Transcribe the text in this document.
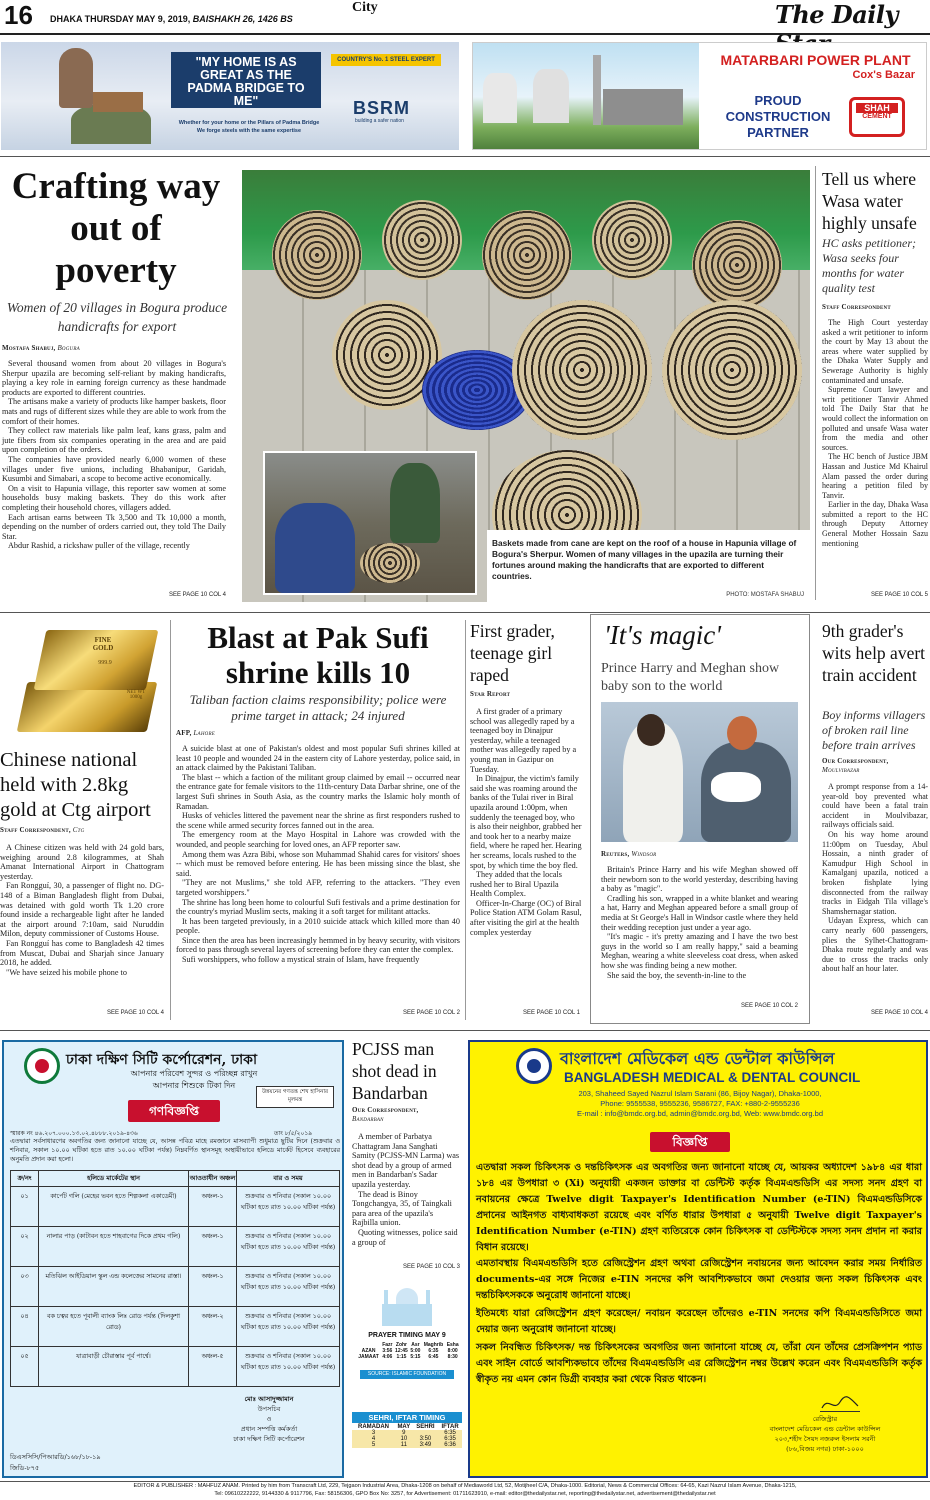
16 DHAKA THURSDAY MAY 9, 2019, BAISHAKH 26, 1426 BS
City	The Daily
"MY HOME IS AS GREAT AS THE PADMA BRIDGE TO ME"
Whether for your home or the Pillars of Padma Bridge
We forge steels with the same expertise
COUNTRY'S No. 1 STEEL EXPERT
BSRM
building a safer nation
MATARBARI POWER PLANT
Cox's Bazar
PROUD
CONSTRUCTION
PARTNER
SHAH
CEMENT
Crafting way out of poverty
Women of 20 villages in Bogura produce handicrafts for export
Mostafa Shabuj, Bogura

Several thousand women from about 20 villages in Bogura's Sherpur upazila are becoming self-reliant by making handicrafts, playing a key role in earning foreign currency as these handmade products are exported to different countries.

The artisans make a variety of products like hamper baskets, floor mats and rugs of different sizes while they are able to work from the comfort of their homes.

They collect raw materials like palm leaf, kans grass, palm and jute fibers from six companies operating in the area and are paid upon completion of the orders.

The companies have provided nearly 6,000 women of these villages under five unions, including Bhabanipur, Garidah, Kusumbi and Simabari, a scope to become active economically.

On a visit to Hapunia village, this reporter saw women at some households busy making baskets. They do this work after completing their household chores, villagers added.

Each artisan earns between Tk 3,500 and Tk 10,000 a month, depending on the number of orders carried out, they told The Daily Star.

Abdur Rashid, a rickshaw puller of the village, recently

SEE PAGE 10 COL 4
Baskets made from cane are kept on the roof of a house in Hapunia village of Bogura's Sherpur. Women of many villages in the upazila are turning their fortunes around making the handicrafts that are exported to different countries.
PHOTO: MOSTAFA SHABUJ
Tell us where Wasa water highly unsafe
HC asks petitioner; Wasa seeks four months for water quality test
Staff Correspondent

The High Court yesterday asked a writ petitioner to inform the court by May 13 about the areas where water supplied by the Dhaka Water Supply and Sewerage Authority is highly contaminated and unsafe.

Supreme Court lawyer and writ petitioner Tanvir Ahmed told The Daily Star that he would collect the information on polluted and unsafe Wasa water from the media and other sources.

The HC bench of Justice JBM Hassan and Justice Md Khairul Alam passed the order during hearing a petition filed by Tanvir.

Earlier in the day, Dhaka Wasa submitted a report to the HC through Deputy Attorney General Mother Hossain Sazu mentioning

SEE PAGE 10 COL 5
FINE GOLD
999.9
NET WT 1000g
Chinese national held with 2.8kg gold at Ctg airport
Staff Correspondent, Ctg

A Chinese citizen was held with 24 gold bars, weighing around 2.8 kilogrammes, at Shah Amanat International Airport in Chattogram yesterday.

Fan Rongguí, 30, a passenger of flight no. DG-148 of a Biman Bangladesh flight from Dubai, was detained with gold worth Tk 1.20 crore found inside a rechargeable light after he landed at the airport around 7:10am, said Nuruddin Milon, deputy commissioner of Customs House.

Fan Rongguí has come to Bangladesh 42 times from Muscat, Dubai and Sharjah since January 2018, he added.

"We have seized his mobile phone to

SEE PAGE 10 COL 4
Blast at Pak Sufi shrine kills 10
Taliban faction claims responsibility; police were prime target in attack; 24 injured
AFP, Lahore

A suicide blast at one of Pakistan's oldest and most popular Sufi shrines killed at least 10 people and wounded 24 in the eastern city of Lahore yesterday, police said, in an attack claimed by the Pakistani Taliban.

The blast -- which a faction of the militant group claimed by email -- occurred near the entrance gate for female visitors to the 11th-century Data Darbar shrine, one of the largest Sufi shrines in South Asia, as the country marks the Islamic holy month of Ramadan.

Husks of vehicles littered the pavement near the shrine as first responders rushed to the scene while armed security forces fanned out in the area.

The emergency room at the Mayo Hospital in Lahore was crowded with the wounded, and people searching for loved ones, an AFP reporter saw.

Among them was Azra Bibi, whose son Muhammad Shahid cares for visitors' shoes -- which must be removed before entering. He has been missing since the blast, she said.

"They are not Muslims," she told AFP, referring to the attackers. "They even targeted worshippers."

The shrine has long been home to colourful Sufi festivals and a prime destination for the country's myriad Muslim sects, making it a soft target for militant attacks.

It has been targeted previously, in a 2010 suicide attack which killed more than 40 people.

Since then the area has been increasingly hemmed in by heavy security, with visitors forced to pass through several layers of screening before they can enter the complex.

Sufi worshippers, who follow a mystical strain of Islam, have frequently

SEE PAGE 10 COL 2
First grader, teenage girl raped
Star Report

A first grader of a primary school was allegedly raped by a teenaged boy in Dinajpur yesterday, while a teenaged mother was allegedly raped by a young man in Gazipur on Tuesday.

In Dinajpur, the victim's family said she was roaming around the banks of the Tulai river in Biral upazila around 1:00pm, when suddenly the teenaged boy, who is also their neighbor, grabbed her and took her to a nearby maize field, where he raped her. Hearing her screams, locals rushed to the spot, by which time the boy fled.

They added that the locals rushed her to Biral Upazila Health Complex.

Officer-In-Charge (OC) of Biral Police Station ATM Golam Rasul, after visiting the girl at the health complex yesterday

SEE PAGE 10 COL 1
'It's magic'
Prince Harry and Meghan show baby son to the world
Reuters, Windsor

Britain's Prince Harry and his wife Meghan showed off their newborn son to the world yesterday, describing having a baby as "magic".

Cradling his son, wrapped in a white blanket and wearing a hat, Harry and Meghan appeared before a small group of media at St George's Hall in Windsor castle where they held their wedding reception just under a year ago.

"It's magic - it's pretty amazing and I have the two best guys in the world so I am really happy," said a beaming Meghan, wearing a white sleeveless coat dress, when asked how she was finding being a new mother.

She said the boy, the seventh-in-line to the

SEE PAGE 10 COL 2
9th grader's wits help avert train accident
Boy informs villagers of broken rail line before train arrives
Our Correspondent,
Moulvibazar

A prompt response from a 14-year-old boy prevented what could have been a fatal train accident in Moulvibazar, railways officials said.

On his way home around 11:00pm on Tuesday, Abul Hossain, a ninth grader of Kamudpur High School in Kamalganj upazila, noticed a broken fishplate lying disconnected from the railway tracks in Eidgah Tila village's Shamshernagar station.

Udayan Express, which can carry nearly 600 passengers, plies the Sylhet-Chattogram-Dhaka route regularly and was due to cross the tracks only about half an hour later.

SEE PAGE 10 COL 4
ঢাকা দক্ষিণ সিটি কর্পোরেশন, ঢাকা
আপনার পরিবেশ সুন্দর ও পরিচ্ছন্ন রাখুন
আপনার শিশুকে টিকা দিন
উন্নয়নের গণতন্ত্র শেখ হাসিনার মূলমন্ত্র
গণবিজ্ঞপ্তি
স্মারক নং ৪৬.২০৭.০০০.১৩.০২.৪৮৮৮.২০১৯-৪৩৬	তাং ৮/৫/২০১৯
এতদ্বারা সর্বসাধারণের অবগতির জন্য জানানো যাচ্ছে যে, আসন্ন পবিত্র মাহে রমজানে মাসব্যাপী শুধুমাত্র ছুটির দিনে (শুক্রবার ও শনিবার, সকাল ১০.০০ ঘটিকা হতে রাত ১০.০০ ঘটিকা পর্যন্ত) নিম্নবর্ণিত স্থানসমূহ অস্থায়ীভাবে হলিডে মার্কেট হিসেবে ব্যবহারের অনুমতি প্রদান করা হলো।
ক্র/নং	হলিডে মার্কেটের স্থান	আওতাধীন অঞ্চল	বার ও সময়
০১	কার্পেট গলি (মেহের ভবন হতে শিল্পকলা একাডেমী)	অঞ্চল-১	শুক্রবার ও শনিবার (সকাল ১০.০০ ঘটিকা হতে রাত ১০.০০ ঘটিকা পর্যন্ত)
০২	নালার পাড় (কাটাবন হতে শাহবাগের দিকে প্রথম গলি)	অঞ্চল-১	শুক্রবার ও শনিবার (সকাল ১০.০০ ঘটিকা হতে রাত ১০.০০ ঘটিকা পর্যন্ত)
০৩	মতিঝিল আইডিয়াল স্কুল এন্ড কলেজের সামনের রাস্তা।	অঞ্চল-১	শুক্রবার ও শনিবার (সকাল ১০.০০ ঘটিকা হতে রাত ১০.০০ ঘটিকা পর্যন্ত)
০৪	বক চত্বর হতে পূবালী ব্যাংক লিঃ রোড পর্যন্ত (দিলকুশা রোড)	অঞ্চল-২	শুক্রবার ও শনিবার (সকাল ১০.০০ ঘটিকা হতে রাত ১০.০০ ঘটিকা পর্যন্ত)
০৫	যাত্রাবাড়ী চৌরাস্তার পূর্ব পার্শ্বে।	অঞ্চল-৫	শুক্রবার ও শনিবার (সকাল ১০.০০ ঘটিকা হতে রাত ১০.০০ ঘটিকা পর্যন্ত)
মোঃ আসাদুজ্জামান
উপসচিব
ও
প্রধান সম্পত্তি কর্মকর্তা
ঢাকা দক্ষিণ সিটি কর্পোরেশন
ডিএসসিসি/পিআরডি/১৬৮/১৮-১৯
জিডি-৮৭৫
PCJSS man shot dead in Bandarban
Our Correspondent,
Bandarban

A member of Parbatya Chattagram Jana Sanghati Samity (PCJSS-MN Larma) was shot dead by a group of armed men in Bandarban's Sadar upazila yesterday.

The dead is Binoy Tongchangya, 35, of Taingkali para area of the upazila's Rajbilla union.

Quoting witnesses, police said a group of

SEE PAGE 10 COL 3
PRAYER TIMING MAY 9
	Fazr	Zohr	Asr	Maghrib	Esha
AZAN	3:56	12:45	5:00	6:35	8:00
JAMAAT	4:06	1:15	5:15	6:45	8:30
SOURCE: ISLAMIC FOUNDATION
SEHRI, IFTAR TIMING
RAMADAN	MAY	SEHRI	IFTAR
3	9		6:35
4	10	3:50	6:35
5	11	3:49	6:36
বাংলাদেশ মেডিকেল এন্ড ডেন্টাল কাউন্সিল
BANGLADESH MEDICAL & DENTAL COUNCIL
203, Shaheed Sayed Nazrul Islam Sarani (86, Bijoy Nagar), Dhaka-1000,
Phone: 9555538, 9555236, 9586727, FAX: +880-2-9555236
E-mail : info@bmdc.org.bd, admin@bmdc.org.bd, Web: www.bmdc.org.bd
বিজ্ঞপ্তি
এতদ্বারা সকল চিকিৎসক ও দন্তচিকিৎসক এর অবগতির জন্য জানানো যাচ্ছে যে, আয়কর অধ্যাদেশ ১৯৮৪ এর ধারা ১৮৪ এর উপধারা ৩ (Xi) অনুযায়ী একজন ডাক্তার বা ডেন্টিস্ট কর্তৃক বিএমএন্ডডিসি এর সদস্য সনদ গ্রহণ বা নবায়নের ক্ষেত্রে Twelve digit Taxpayer's Identification Number (e-TIN) বিএমএন্ডডিসিকে প্রদানের আইনগত বাধ্যবাধকতা রয়েছে এবং বর্ণিত ধারার উপধারা ৫ অনুযায়ী Twelve digit Taxpayer's Identification Number (e-TIN) গ্রহণ ব্যতিরেকে কোন চিকিৎসক বা ডেন্টিস্টকে সদস্য সনদ প্রদান না করার বিধান রয়েছে।
এমতাবস্থায় বিএমএন্ডডিসি হতে রেজিস্ট্রেশন গ্রহণ অথবা রেজিস্ট্রেশন নবায়নের জন্য আবেদন করার সময় নির্ধারিত documents-এর সঙ্গে নিজের e-TIN সনদের কপি আবশ্যিকভাবে জমা দেওয়ার জন্য সকল চিকিৎসক এবং দন্তচিকিৎসককে অনুরোধ জানানো যাচ্ছে।
ইতিমধ্যে যারা রেজিস্ট্রেশন গ্রহণ করেছেন/ নবায়ন করেছেন তাঁদেরও e-TIN সনদের কপি বিএমএন্ডডিসিতে জমা দেয়ার জন্য অনুরোধ জানানো যাচ্ছে।
সকল নিবন্ধিত চিকিৎসক/ দন্ত চিকিৎসকের অবগতির জন্য জানানো যাচ্ছে যে, তাঁরা যেন তাঁদের প্রেসক্রিপশন প্যাড এবং সাইন বোর্ডে আবশ্যিকভাবে তাঁদের বিএমএন্ডডিসি এর রেজিস্ট্রেশন নম্বর উল্লেখ করেন এবং বিএমএন্ডডিসি কর্তৃক স্বীকৃত নয় এমন কোন ডিগ্রী ব্যবহার করা থেকে বিরত থাকেন।
রেজিস্ট্রার
বাংলাদেশ মেডিকেল এন্ড ডেন্টাল কাউন্সিল
২০৩,শহীদ সৈয়দ নজরুল ইসলাম সরনী
(৮৬,বিজয় নগর) ঢাকা-১০০০
EDITOR & PUBLISHER : MAHFUZ ANAM. Printed by him from Transcraft Ltd, 229, Tejgaon Industrial Area, Dhaka-1208 on behalf of Mediaworld Ltd, 52, Motijheel C/A, Dhaka-1000. Editorial, News & Commercial Offices: 64-65, Kazi Nazrul Islam Avenue, Dhaka-1215,
Tel: 09610222222, 9144330 & 9117796, Fax: 58156306, GPO Box No: 3257, for Advertisement: 01711623910, e-mail: editor@thedailystar.net, reporting@thedailystar.net, advertisement@thedailystar.net
